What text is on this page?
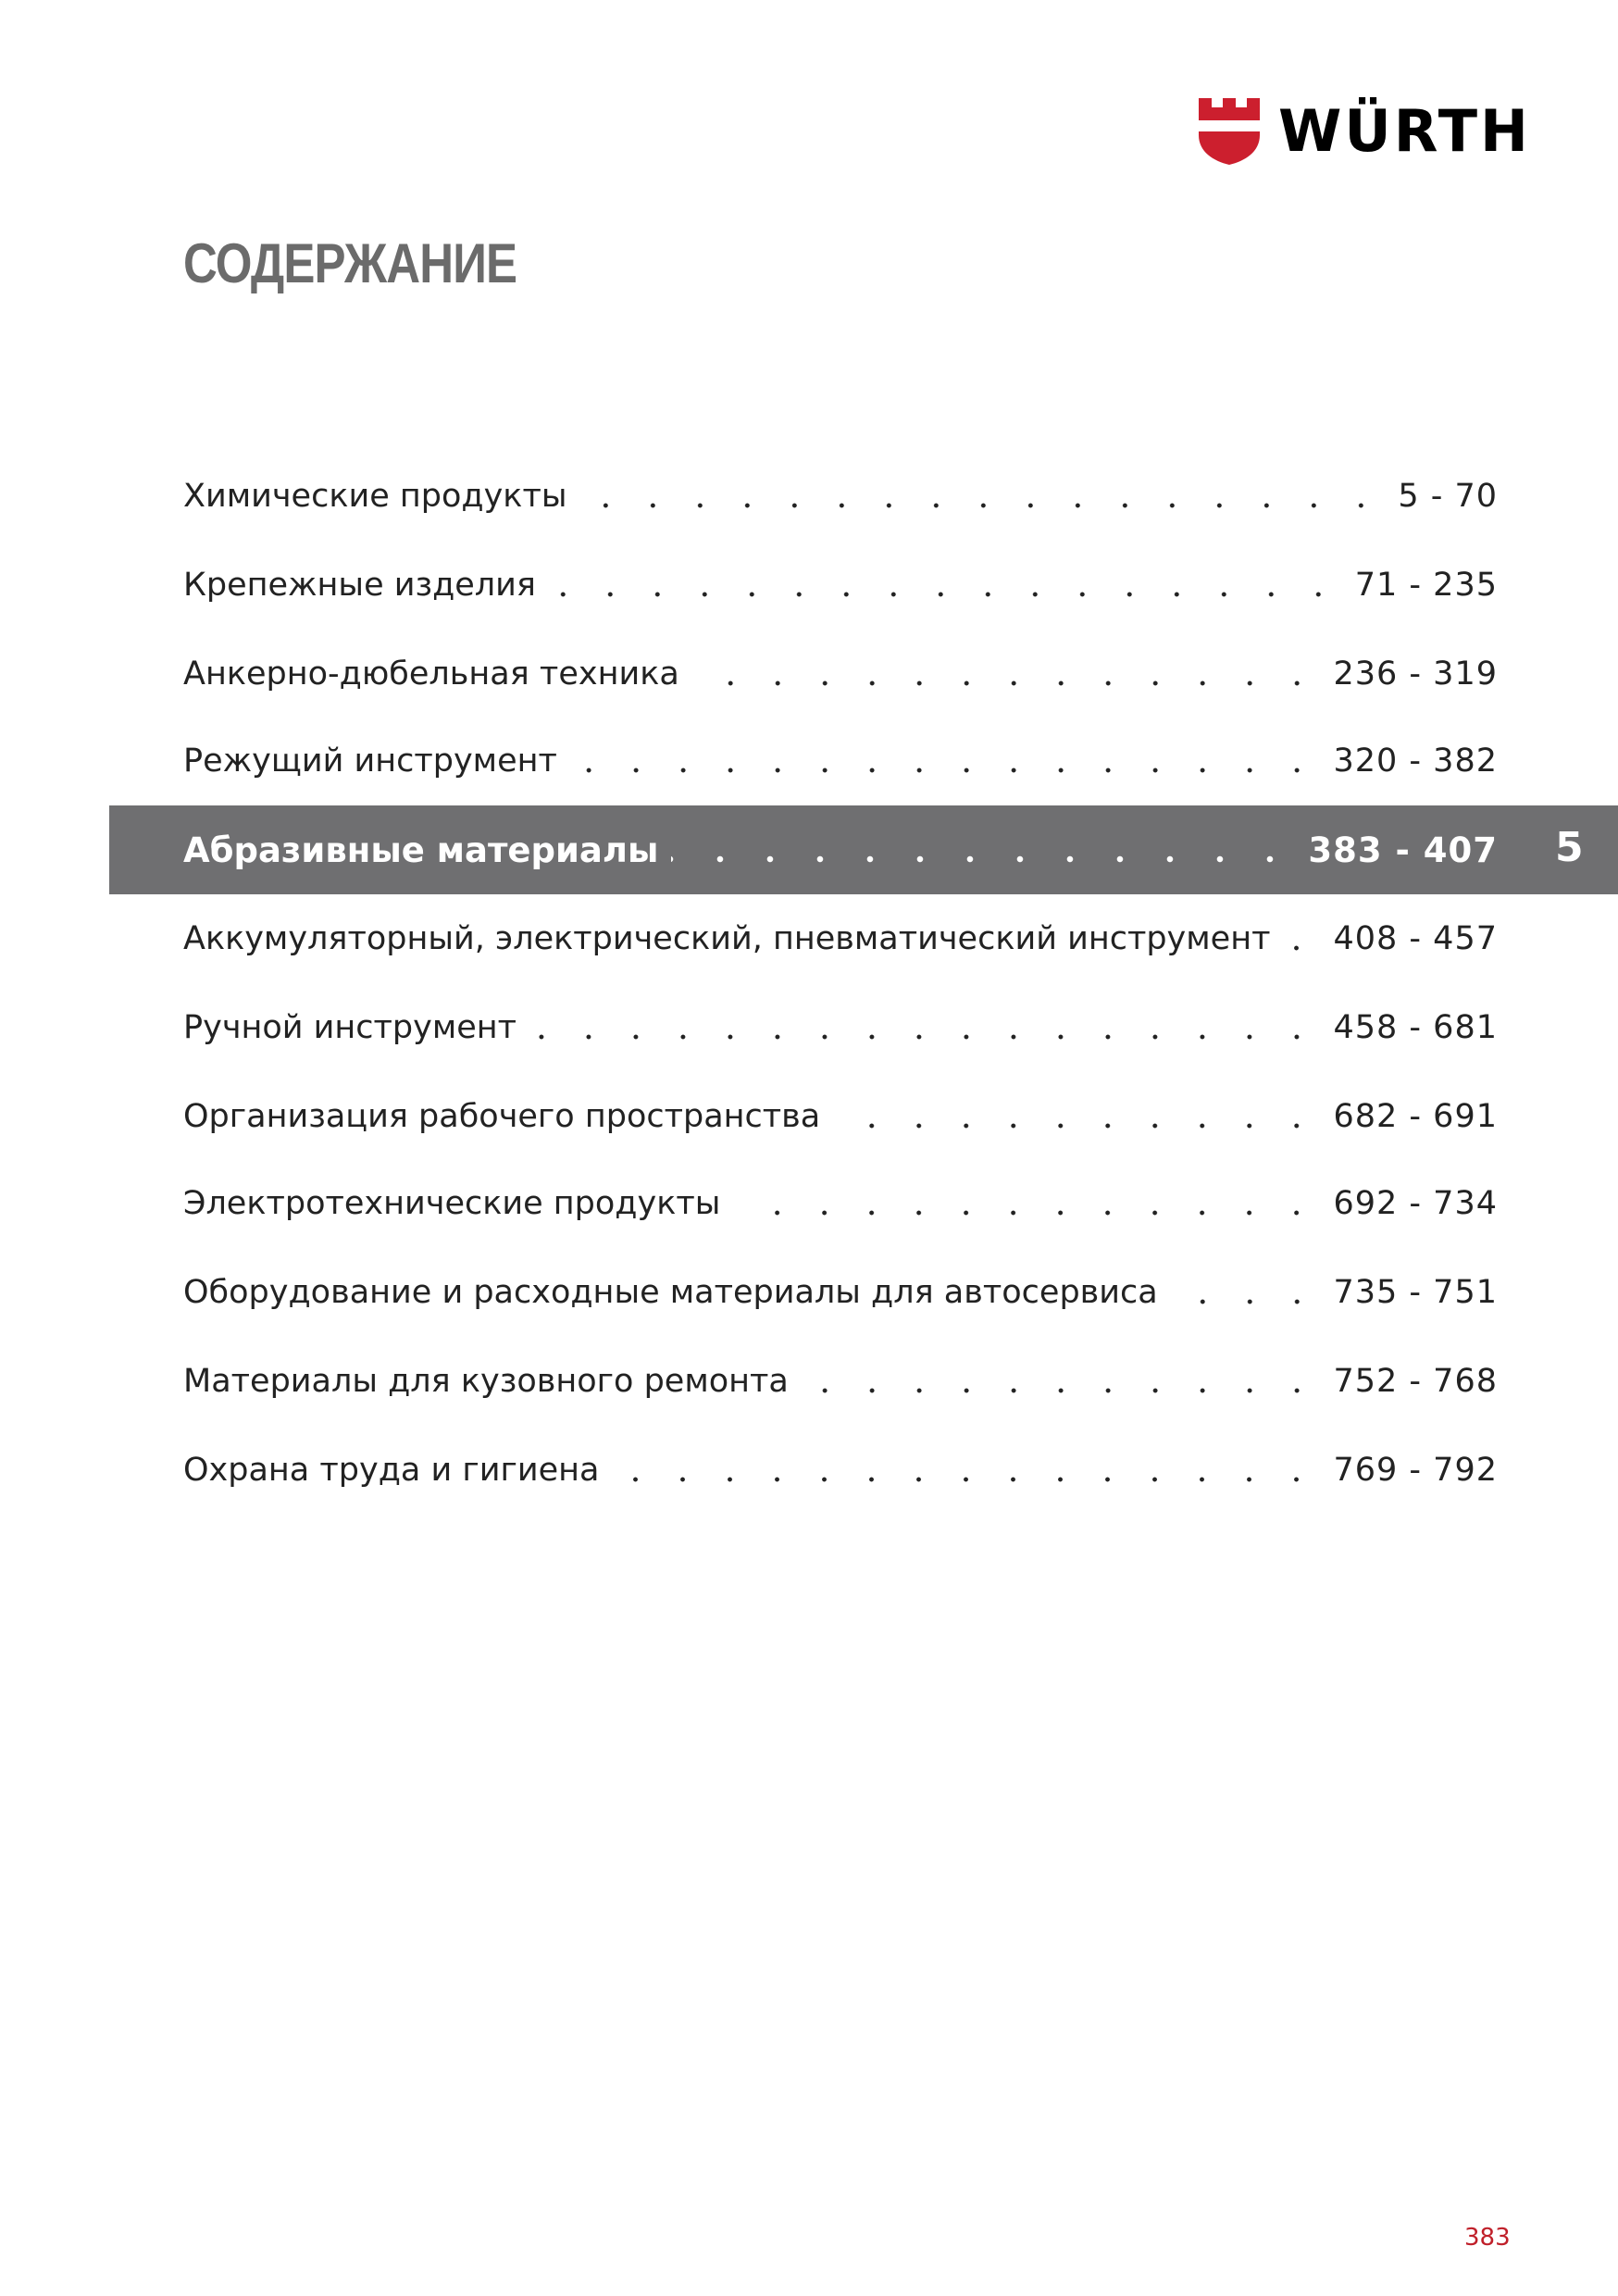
WÜRTH
СОДЕРЖАНИЕ
5
Химические продукты	5 - 70
Крепежные изделия	71 - 235
Анкерно-дюбельная техника	236 - 319
Режущий инструмент	320 - 382
Абразивные материалы	383 - 407
Аккумуляторный, электрический, пневматический инструмент 408 - 457
Ручной инструмент	458 - 681
Организация рабочего пространства	682 - 691
Электротехнические продукты	692 - 734
Оборудование и расходные материалы для автосервиса	735 - 751
Материалы для кузовного ремонта	752 - 768
Охрана труда и гигиена	769 - 792
383
